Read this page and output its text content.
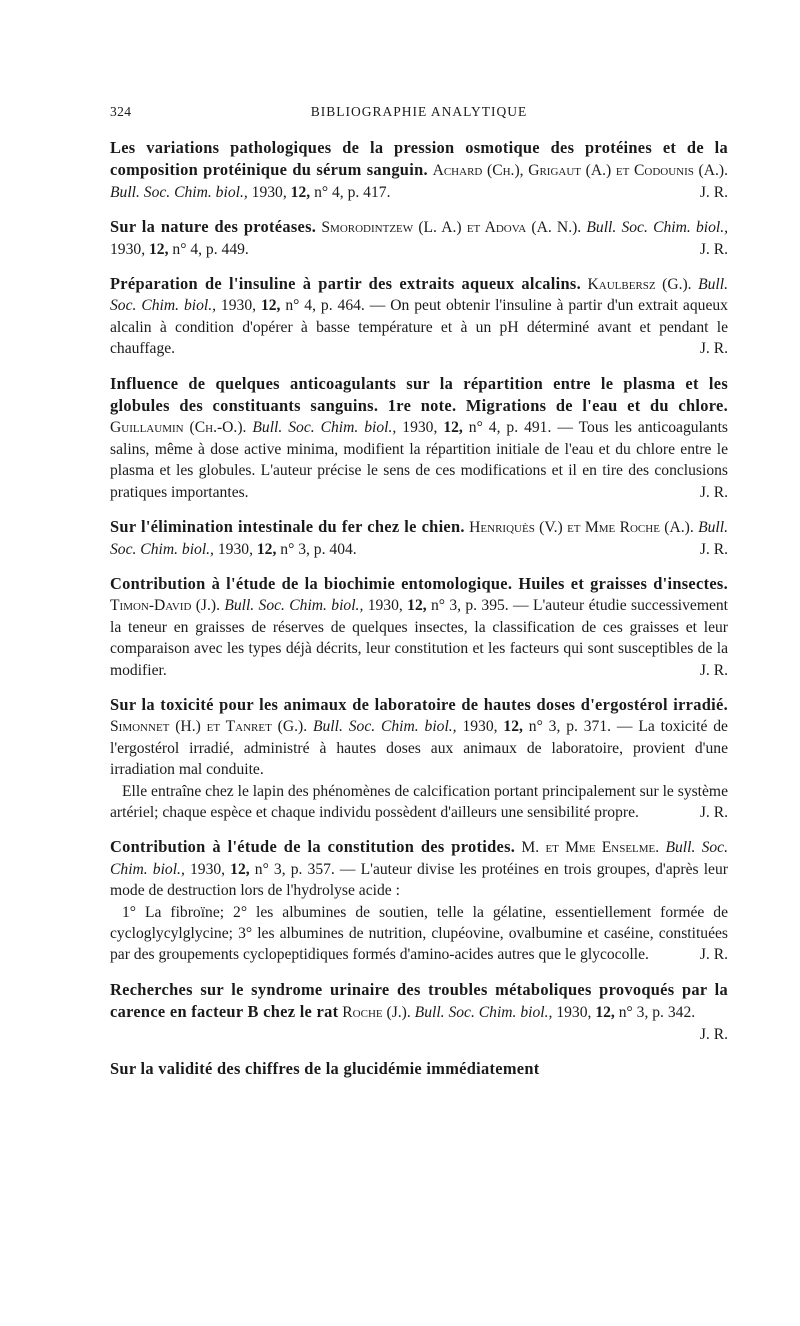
324	BIBLIOGRAPHIE ANALYTIQUE

Les variations pathologiques de la pression osmotique des protéines et de la composition protéinique du sérum sanguin. Achard (Ch.), Grigaut (A.) et Codounis (A.). Bull. Soc. Chim. biol., 1930, 12, n° 4, p. 417.	J. R.

Sur la nature des protéases. Smorodintzew (L. A.) et Adova (A. N.). Bull. Soc. Chim. biol., 1930, 12, n° 4, p. 449.	J. R.

Préparation de l'insuline à partir des extraits aqueux alcalins. Kaulbersz (G.). Bull. Soc. Chim. biol., 1930, 12, n° 4, p. 464. — On peut obtenir l'insuline à partir d'un extrait aqueux alcalin à condition d'opérer à basse température et à un pH déterminé avant et pendant le chauffage.	J. R.

Influence de quelques anticoagulants sur la répartition entre le plasma et les globules des constituants sanguins. 1re note. Migrations de l'eau et du chlore. Guillaumin (Ch.-O.). Bull. Soc. Chim. biol., 1930, 12, n° 4, p. 491. — Tous les anticoagulants salins, même à dose active minima, modifient la répartition initiale de l'eau et du chlore entre le plasma et les globules. L'auteur précise le sens de ces modifications et il en tire des conclusions pratiques importantes.	J. R.

Sur l'élimination intestinale du fer chez le chien. Henriquès (V.) et Mme Roche (A.). Bull. Soc. Chim. biol., 1930, 12, n° 3, p. 404.	J. R.

Contribution à l'étude de la biochimie entomologique. Huiles et graisses d'insectes. Timon-David (J.). Bull. Soc. Chim. biol., 1930, 12, n° 3, p. 395. — L'auteur étudie successivement la teneur en graisses de réserves de quelques insectes, la classification de ces graisses et leur comparaison avec les types déjà décrits, leur constitution et les facteurs qui sont susceptibles de la modifier.	J. R.

Sur la toxicité pour les animaux de laboratoire de hautes doses d'ergostérol irradié. Simonnet (H.) et Tanret (G.). Bull. Soc. Chim. biol., 1930, 12, n° 3, p. 371. — La toxicité de l'ergostérol irradié, administré à hautes doses aux animaux de laboratoire, provient d'une irradiation mal conduite.

Elle entraîne chez le lapin des phénomènes de calcification portant principalement sur le système artériel; chaque espèce et chaque individu possèdent d'ailleurs une sensibilité propre.	J. R.

Contribution à l'étude de la constitution des protides. M. et Mme Enselme. Bull. Soc. Chim. biol., 1930, 12, n° 3, p. 357. — L'auteur divise les protéines en trois groupes, d'après leur mode de destruction lors de l'hydrolyse acide :

1° La fibroïne; 2° les albumines de soutien, telle la gélatine, essentiellement formée de cycloglycylglycine; 3° les albumines de nutrition, clupéovine, ovalbumine et caséine, constituées par des groupements cyclopeptidiques formés d'amino-acides autres que le glycocolle.	J. R.

Recherches sur le syndrome urinaire des troubles métaboliques provoqués par la carence en facteur B chez le rat Roche (J.). Bull. Soc. Chim. biol., 1930, 12, n° 3, p. 342.
J. R.

Sur la validité des chiffres de la glucidémie immédiatement
